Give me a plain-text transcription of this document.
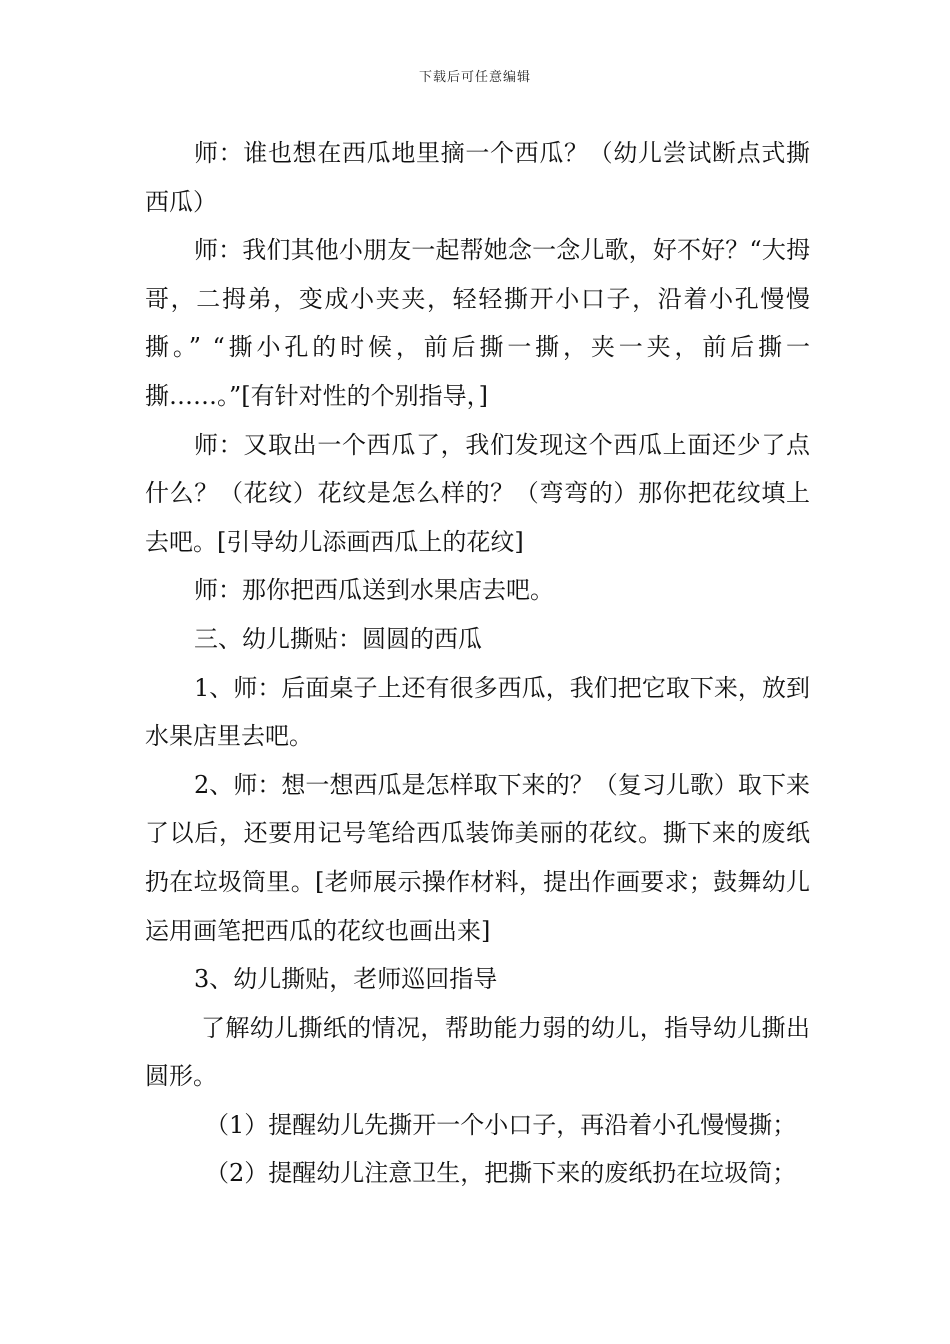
下载后可任意编辑

师：谁也想在西瓜地里摘一个西瓜？（幼儿尝试断点式撕西瓜）

师：我们其他小朋友一起帮她念一念儿歌，好不好？“大拇哥，二拇弟，变成小夹夹，轻轻撕开小口子，沿着小孔慢慢撕。” “撕小孔的时候，前后撕一撕，夹一夹，前后撕一撕……。”[有针对性的个别指导，]

师：又取出一个西瓜了，我们发现这个西瓜上面还少了点什么？（花纹）花纹是怎么样的？（弯弯的）那你把花纹填上去吧。[引导幼儿添画西瓜上的花纹]

师：那你把西瓜送到水果店去吧。

三、幼儿撕贴：圆圆的西瓜

1、师：后面桌子上还有很多西瓜，我们把它取下来，放到水果店里去吧。

2、师：想一想西瓜是怎样取下来的？（复习儿歌）取下来了以后，还要用记号笔给西瓜装饰美丽的花纹。撕下来的废纸扔在垃圾筒里。[老师展示操作材料，提出作画要求；鼓舞幼儿运用画笔把西瓜的花纹也画出来]

3、幼儿撕贴，老师巡回指导

了解幼儿撕纸的情况，帮助能力弱的幼儿，指导幼儿撕出圆形。

（1）提醒幼儿先撕开一个小口子，再沿着小孔慢慢撕；

（2）提醒幼儿注意卫生，把撕下来的废纸扔在垃圾筒；
